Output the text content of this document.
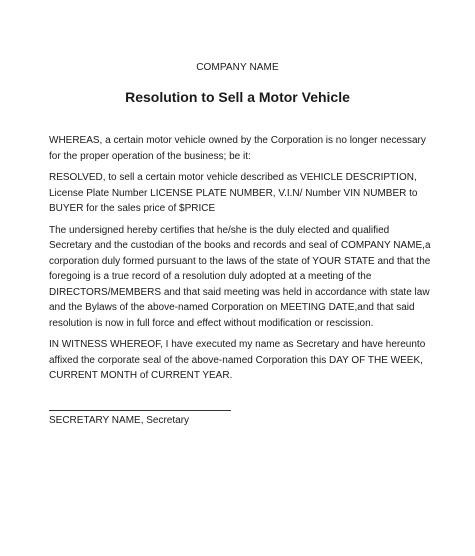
COMPANY NAME
Resolution to Sell a Motor Vehicle

WHEREAS, a certain motor vehicle owned by the Corporation is no longer necessary for the proper operation of the business; be it:

RESOLVED, to sell a certain motor vehicle described as VEHICLE DESCRIPTION, License Plate Number LICENSE PLATE NUMBER, V.I.N/ Number VIN NUMBER to BUYER for the sales price of $PRICE

The undersigned hereby certifies that he/she is the duly elected and qualified Secretary and the custodian of the books and records and seal of COMPANY NAME,a corporation duly formed pursuant to the laws of the state of YOUR STATE and that the foregoing is a true record of a resolution duly adopted at a meeting of the DIRECTORS/MEMBERS and that said meeting was held in accordance with state law and the Bylaws of the above-named Corporation on MEETING DATE,and that said resolution is now in full force and effect without modification or rescission.

IN WITNESS WHEREOF, I have executed my name as Secretary and have hereunto affixed the corporate seal of the above-named Corporation this DAY OF THE WEEK, CURRENT MONTH of CURRENT YEAR.

SECRETARY NAME, Secretary
